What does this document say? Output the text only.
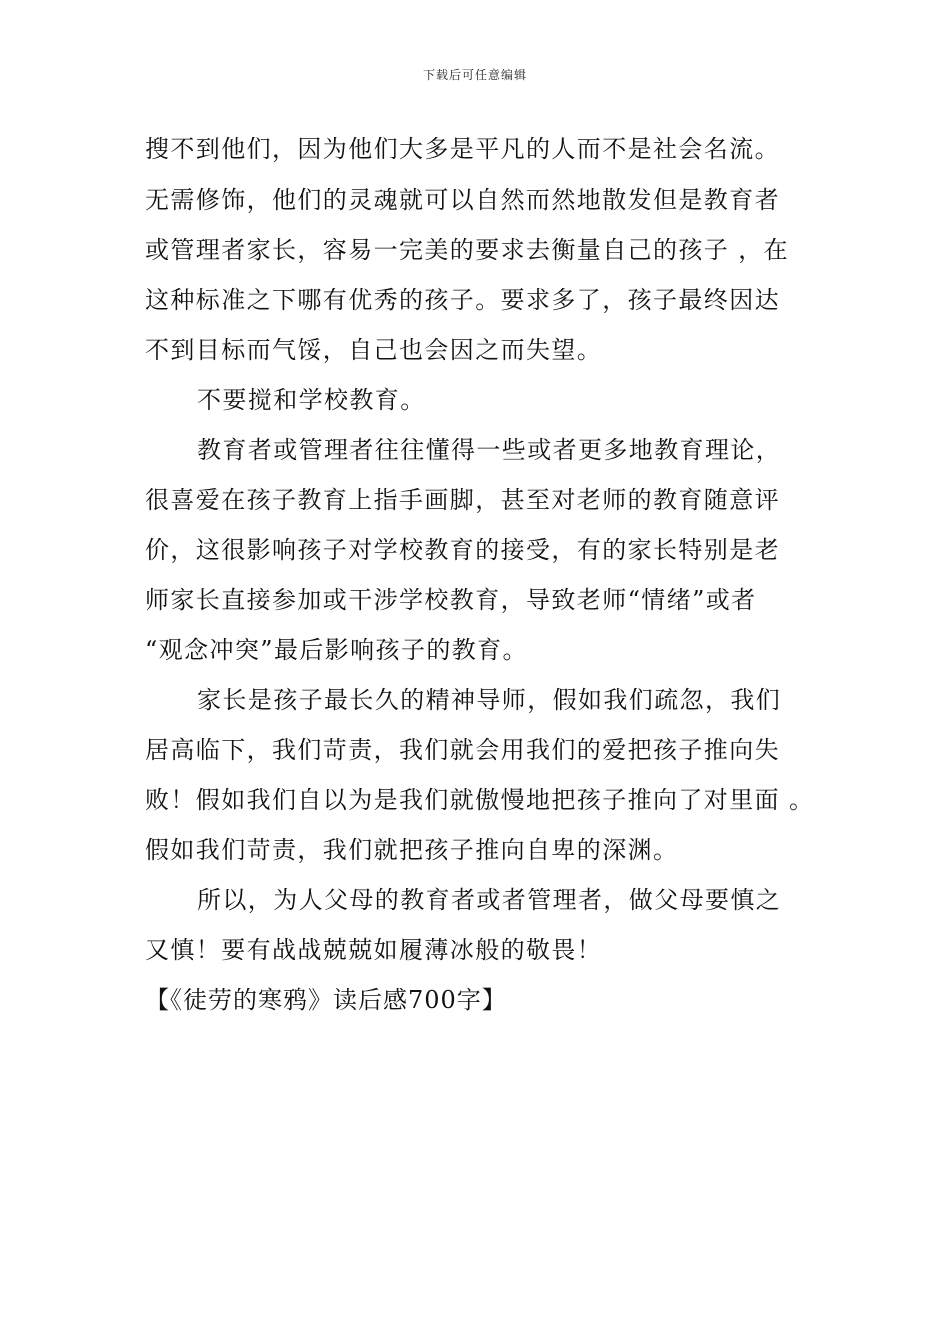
下载后可任意编辑
搜不到他们，因为他们大多是平凡的人而不是社会名流。
无需修饰，他们的灵魂就可以自然而然地散发但是教育者
或管理者家长，容易一完美的要求去衡量自己的孩子 ，在
这种标准之下哪有优秀的孩子。要求多了，孩子最终因达
不到目标而气馁，自己也会因之而失望。
不要搅和学校教育。
教育者或管理者往往懂得一些或者更多地教育理论，
很喜爱在孩子教育上指手画脚，甚至对老师的教育随意评
价，这很影响孩子对学校教育的接受，有的家长特别是老
师家长直接参加或干涉学校教育，导致老师“情绪”或者
“观念冲突”最后影响孩子的教育。
家长是孩子最长久的精神导师，假如我们疏忽，我们
居高临下，我们苛责，我们就会用我们的爱把孩子推向失
败！假如我们自以为是我们就傲慢地把孩子推向了对里面 。
假如我们苛责，我们就把孩子推向自卑的深渊。
所以，为人父母的教育者或者管理者，做父母要慎之
又慎！要有战战兢兢如履薄冰般的敬畏！
【《徒劳的寒鸦》读后感700字】
